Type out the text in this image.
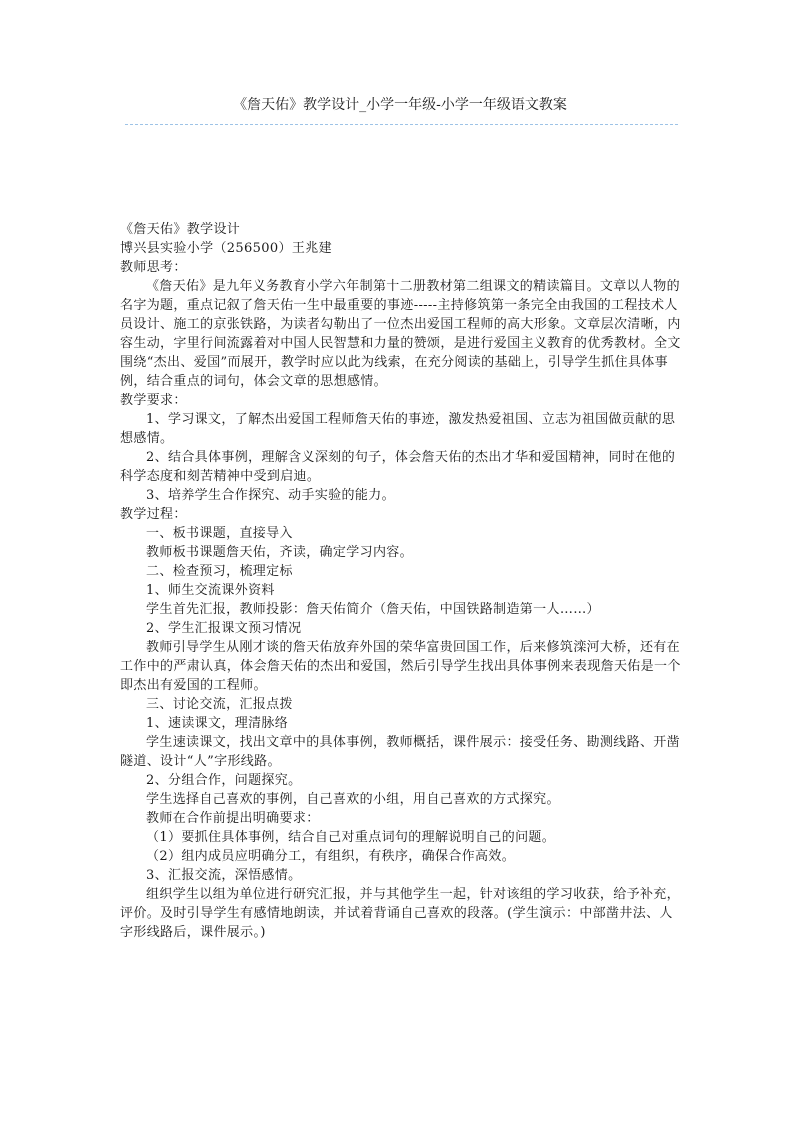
《詹天佑》教学设计_小学一年级-小学一年级语文教案

《詹天佑》教学设计

博兴县实验小学（256500）王兆建

教师思考：

《詹天佑》是九年义务教育小学六年制第十二册教材第二组课文的精读篇目。文章以人物的名字为题，重点记叙了詹天佑一生中最重要的事迹-----主持修筑第一条完全由我国的工程技术人员设计、施工的京张铁路，为读者勾勒出了一位杰出爱国工程师的高大形象。文章层次清晰，内容生动，字里行间流露着对中国人民智慧和力量的赞颂，是进行爱国主义教育的优秀教材。全文围绕“杰出、爱国”而展开，教学时应以此为线索，在充分阅读的基础上，引导学生抓住具体事例，结合重点的词句，体会文章的思想感情。

教学要求：

1、学习课文，了解杰出爱国工程师詹天佑的事迹，激发热爱祖国、立志为祖国做贡献的思想感情。

2、结合具体事例，理解含义深刻的句子，体会詹天佑的杰出才华和爱国精神，同时在他的科学态度和刻苦精神中受到启迪。

3、培养学生合作探究、动手实验的能力。

教学过程：

一、板书课题，直接导入

教师板书课题詹天佑，齐读，确定学习内容。

二、检查预习，梳理定标

1、师生交流课外资料

学生首先汇报，教师投影：詹天佑简介（詹天佑，中国铁路制造第一人……）

2、学生汇报课文预习情况

教师引导学生从刚才谈的詹天佑放弃外国的荣华富贵回国工作，后来修筑滦河大桥，还有在工作中的严肃认真，体会詹天佑的杰出和爱国，然后引导学生找出具体事例来表现詹天佑是一个即杰出有爱国的工程师。

三、讨论交流，汇报点拨

1、速读课文，理清脉络

学生速读课文，找出文章中的具体事例，教师概括，课件展示：接受任务、勘测线路、开凿隧道、设计“人”字形线路。

2、分组合作，问题探究。

学生选择自己喜欢的事例，自己喜欢的小组，用自己喜欢的方式探究。

教师在合作前提出明确要求：

（1）要抓住具体事例，结合自己对重点词句的理解说明自己的问题。

（2）组内成员应明确分工，有组织，有秩序，确保合作高效。

3、汇报交流，深悟感情。

组织学生以组为单位进行研究汇报，并与其他学生一起，针对该组的学习收获，给予补充，评价。及时引导学生有感情地朗读，并试着背诵自己喜欢的段落。(学生演示：中部凿井法、人字形线路后，课件展示。)
